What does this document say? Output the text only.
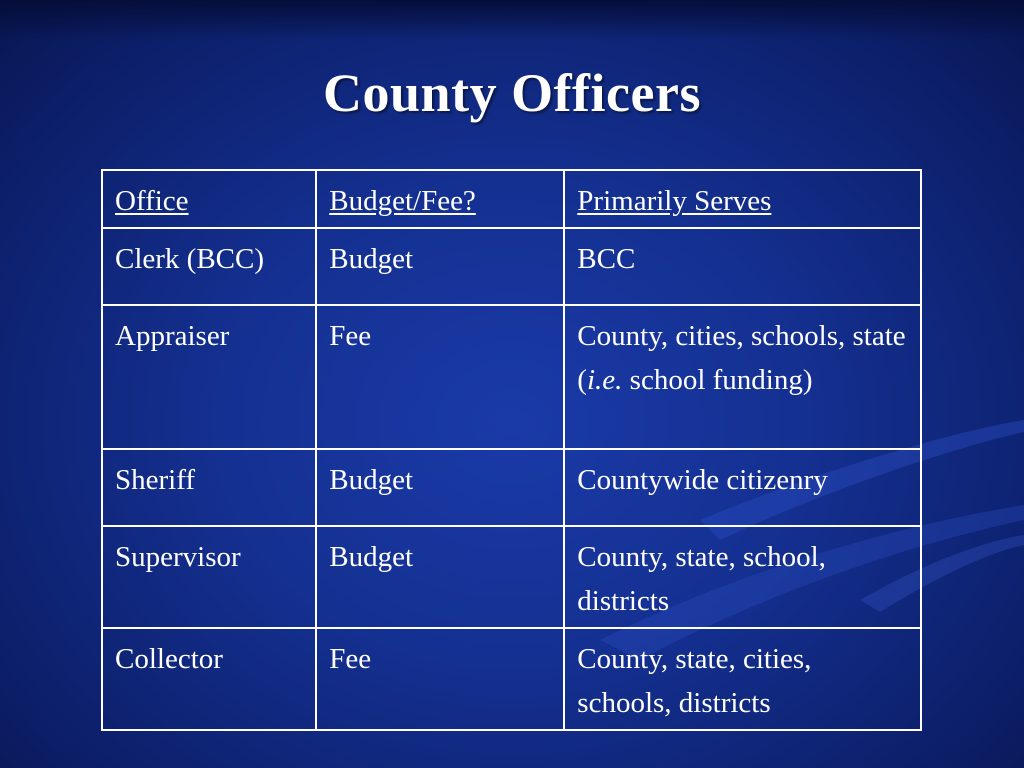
County Officers
Office	Budget/Fee?	Primarily Serves
Clerk (BCC)	Budget	BCC
Appraiser	Fee	County, cities, schools, state (i.e. school funding)
Sheriff	Budget	Countywide citizenry
Supervisor	Budget	County, state, school, districts
Collector	Fee	County, state, cities, schools, districts
